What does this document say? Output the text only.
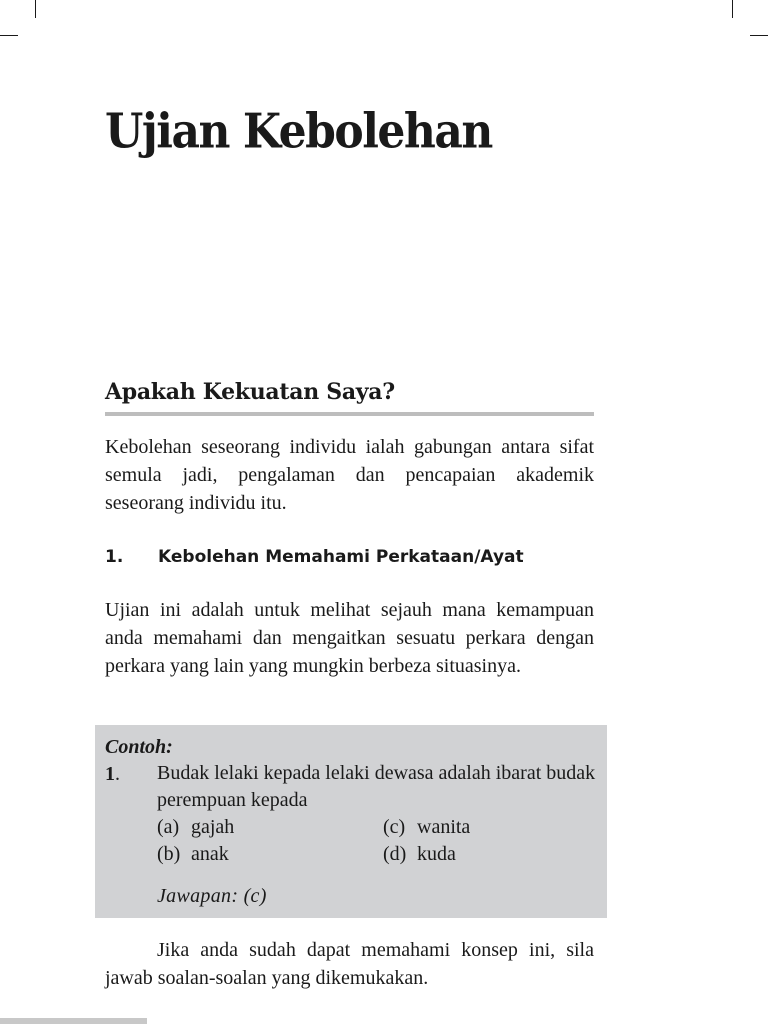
Ujian Kebolehan
Apakah Kekuatan Saya?

Kebolehan seseorang individu ialah gabungan antara sifat semula jadi, pengalaman dan pencapaian akademik seseorang individu itu.

1. Kebolehan Memahami Perkataan/Ayat

Ujian ini adalah untuk melihat sejauh mana kemampuan anda memahami dan mengaitkan sesuatu perkara dengan perkara yang lain yang mungkin berbeza situasinya.

Contoh:

1. Budak lelaki kepada lelaki dewasa adalah ibarat budak perempuan kepada

(a) gajah
(b) anak
(c) wanita
(d) kuda

Jawapan: (c)

Jika anda sudah dapat memahami konsep ini, sila jawab soalan-soalan yang dikemukakan.
